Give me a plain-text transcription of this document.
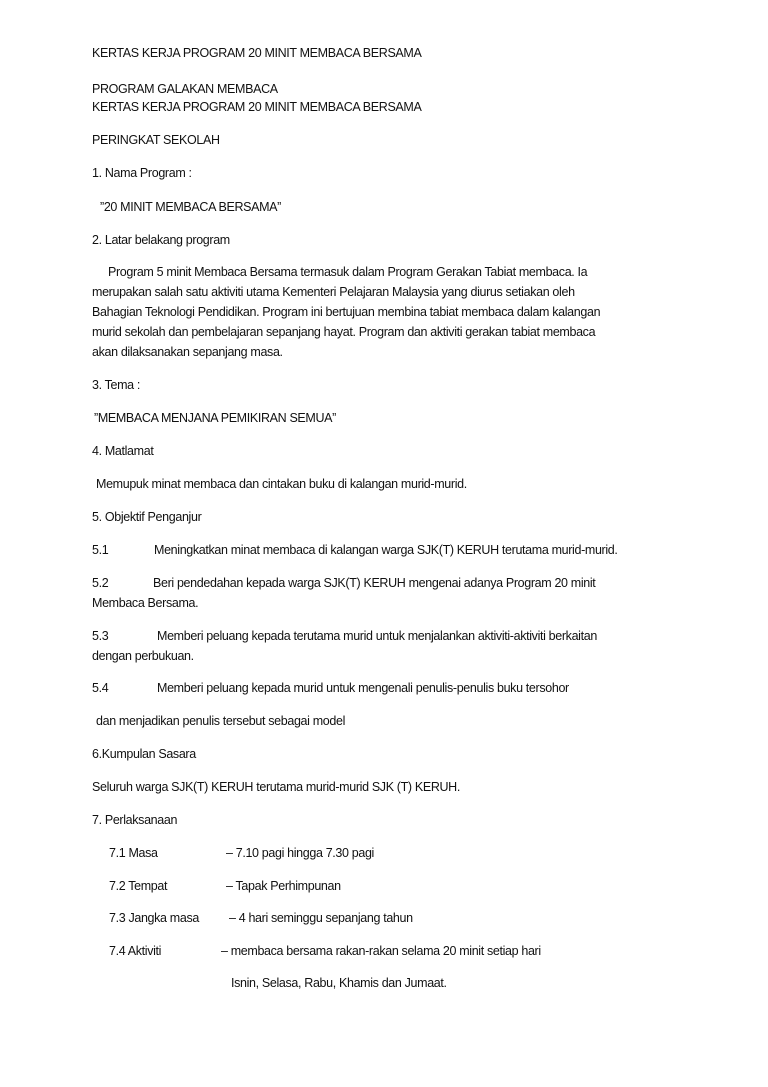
KERTAS KERJA PROGRAM 20 MINIT MEMBACA BERSAMA
PROGRAM GALAKAN MEMBACA
KERTAS KERJA PROGRAM 20 MINIT MEMBACA BERSAMA
PERINGKAT SEKOLAH
1. Nama Program :
”20 MINIT MEMBACA BERSAMA”
2. Latar belakang program
Program 5 minit Membaca Bersama termasuk dalam Program Gerakan Tabiat membaca. Ia
merupakan salah satu aktiviti utama Kementeri Pelajaran Malaysia yang diurus setiakan oleh
Bahagian Teknologi Pendidikan. Program ini bertujuan membina tabiat membaca dalam kalangan
murid sekolah dan pembelajaran sepanjang hayat. Program dan aktiviti gerakan tabiat membaca
akan dilaksanakan sepanjang masa.
3. Tema :
”MEMBACA MENJANA PEMIKIRAN SEMUA”
4. Matlamat
Memupuk minat membaca dan cintakan buku di kalangan murid-murid.
5. Objektif Penganjur
5.1	Meningkatkan minat membaca di kalangan warga SJK(T) KERUH terutama murid-murid.
5.2	Beri pendedahan kepada warga SJK(T) KERUH mengenai adanya Program 20 minit
Membaca Bersama.
5.3	Memberi peluang kepada terutama murid untuk menjalankan aktiviti-aktiviti berkaitan
dengan perbukuan.
5.4	Memberi peluang kepada murid untuk mengenali penulis-penulis buku tersohor
dan menjadikan penulis tersebut sebagai model
6.Kumpulan Sasara
Seluruh warga SJK(T) KERUH terutama murid-murid SJK (T) KERUH.
7. Perlaksanaan
7.1 Masa	– 7.10 pagi hingga 7.30 pagi
7.2 Tempat	– Tapak Perhimpunan
7.3 Jangka masa – 4 hari seminggu sepanjang tahun
7.4 Aktiviti	– membaca bersama rakan-rakan selama 20 minit setiap hari
Isnin, Selasa, Rabu, Khamis dan Jumaat.
